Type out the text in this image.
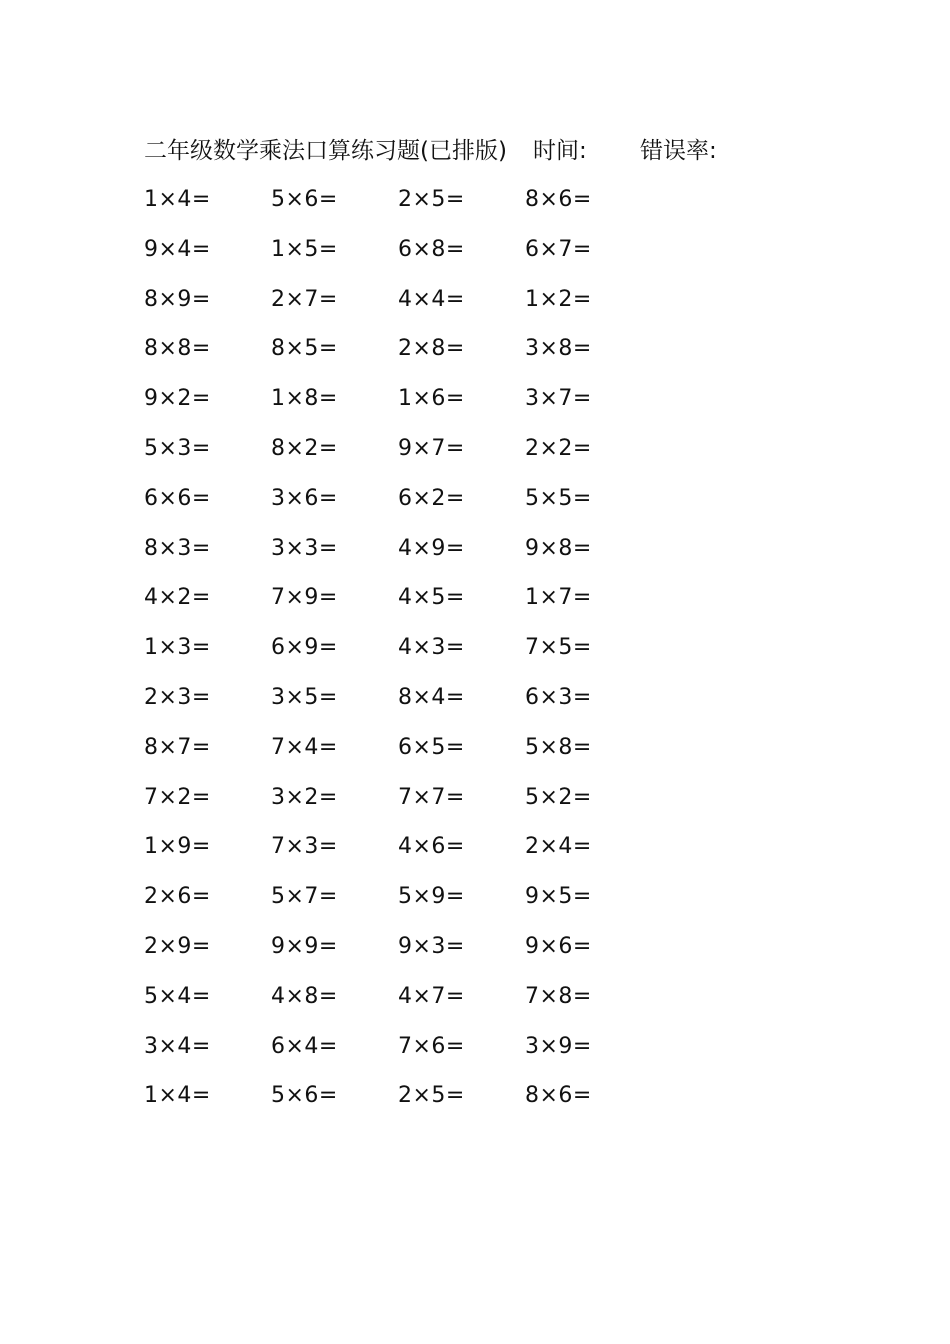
二年级数学乘法口算练习题(已排版) 时间: 错误率:
1×4=	5×6=	2×5=	8×6=
9×4=	1×5=	6×8=	6×7=
8×9=	2×7=	4×4=	1×2=
8×8=	8×5=	2×8=	3×8=
9×2=	1×8=	1×6=	3×7=
5×3=	8×2=	9×7=	2×2=
6×6=	3×6=	6×2=	5×5=
8×3=	3×3=	4×9=	9×8=
4×2=	7×9=	4×5=	1×7=
1×3=	6×9=	4×3=	7×5=
2×3=	3×5=	8×4=	6×3=
8×7=	7×4=	6×5=	5×8=
7×2=	3×2=	7×7=	5×2=
1×9=	7×3=	4×6=	2×4=
2×6=	5×7=	5×9=	9×5=
2×9=	9×9=	9×3=	9×6=
5×4=	4×8=	4×7=	7×8=
3×4=	6×4=	7×6=	3×9=
1×4=	5×6=	2×5=	8×6=
